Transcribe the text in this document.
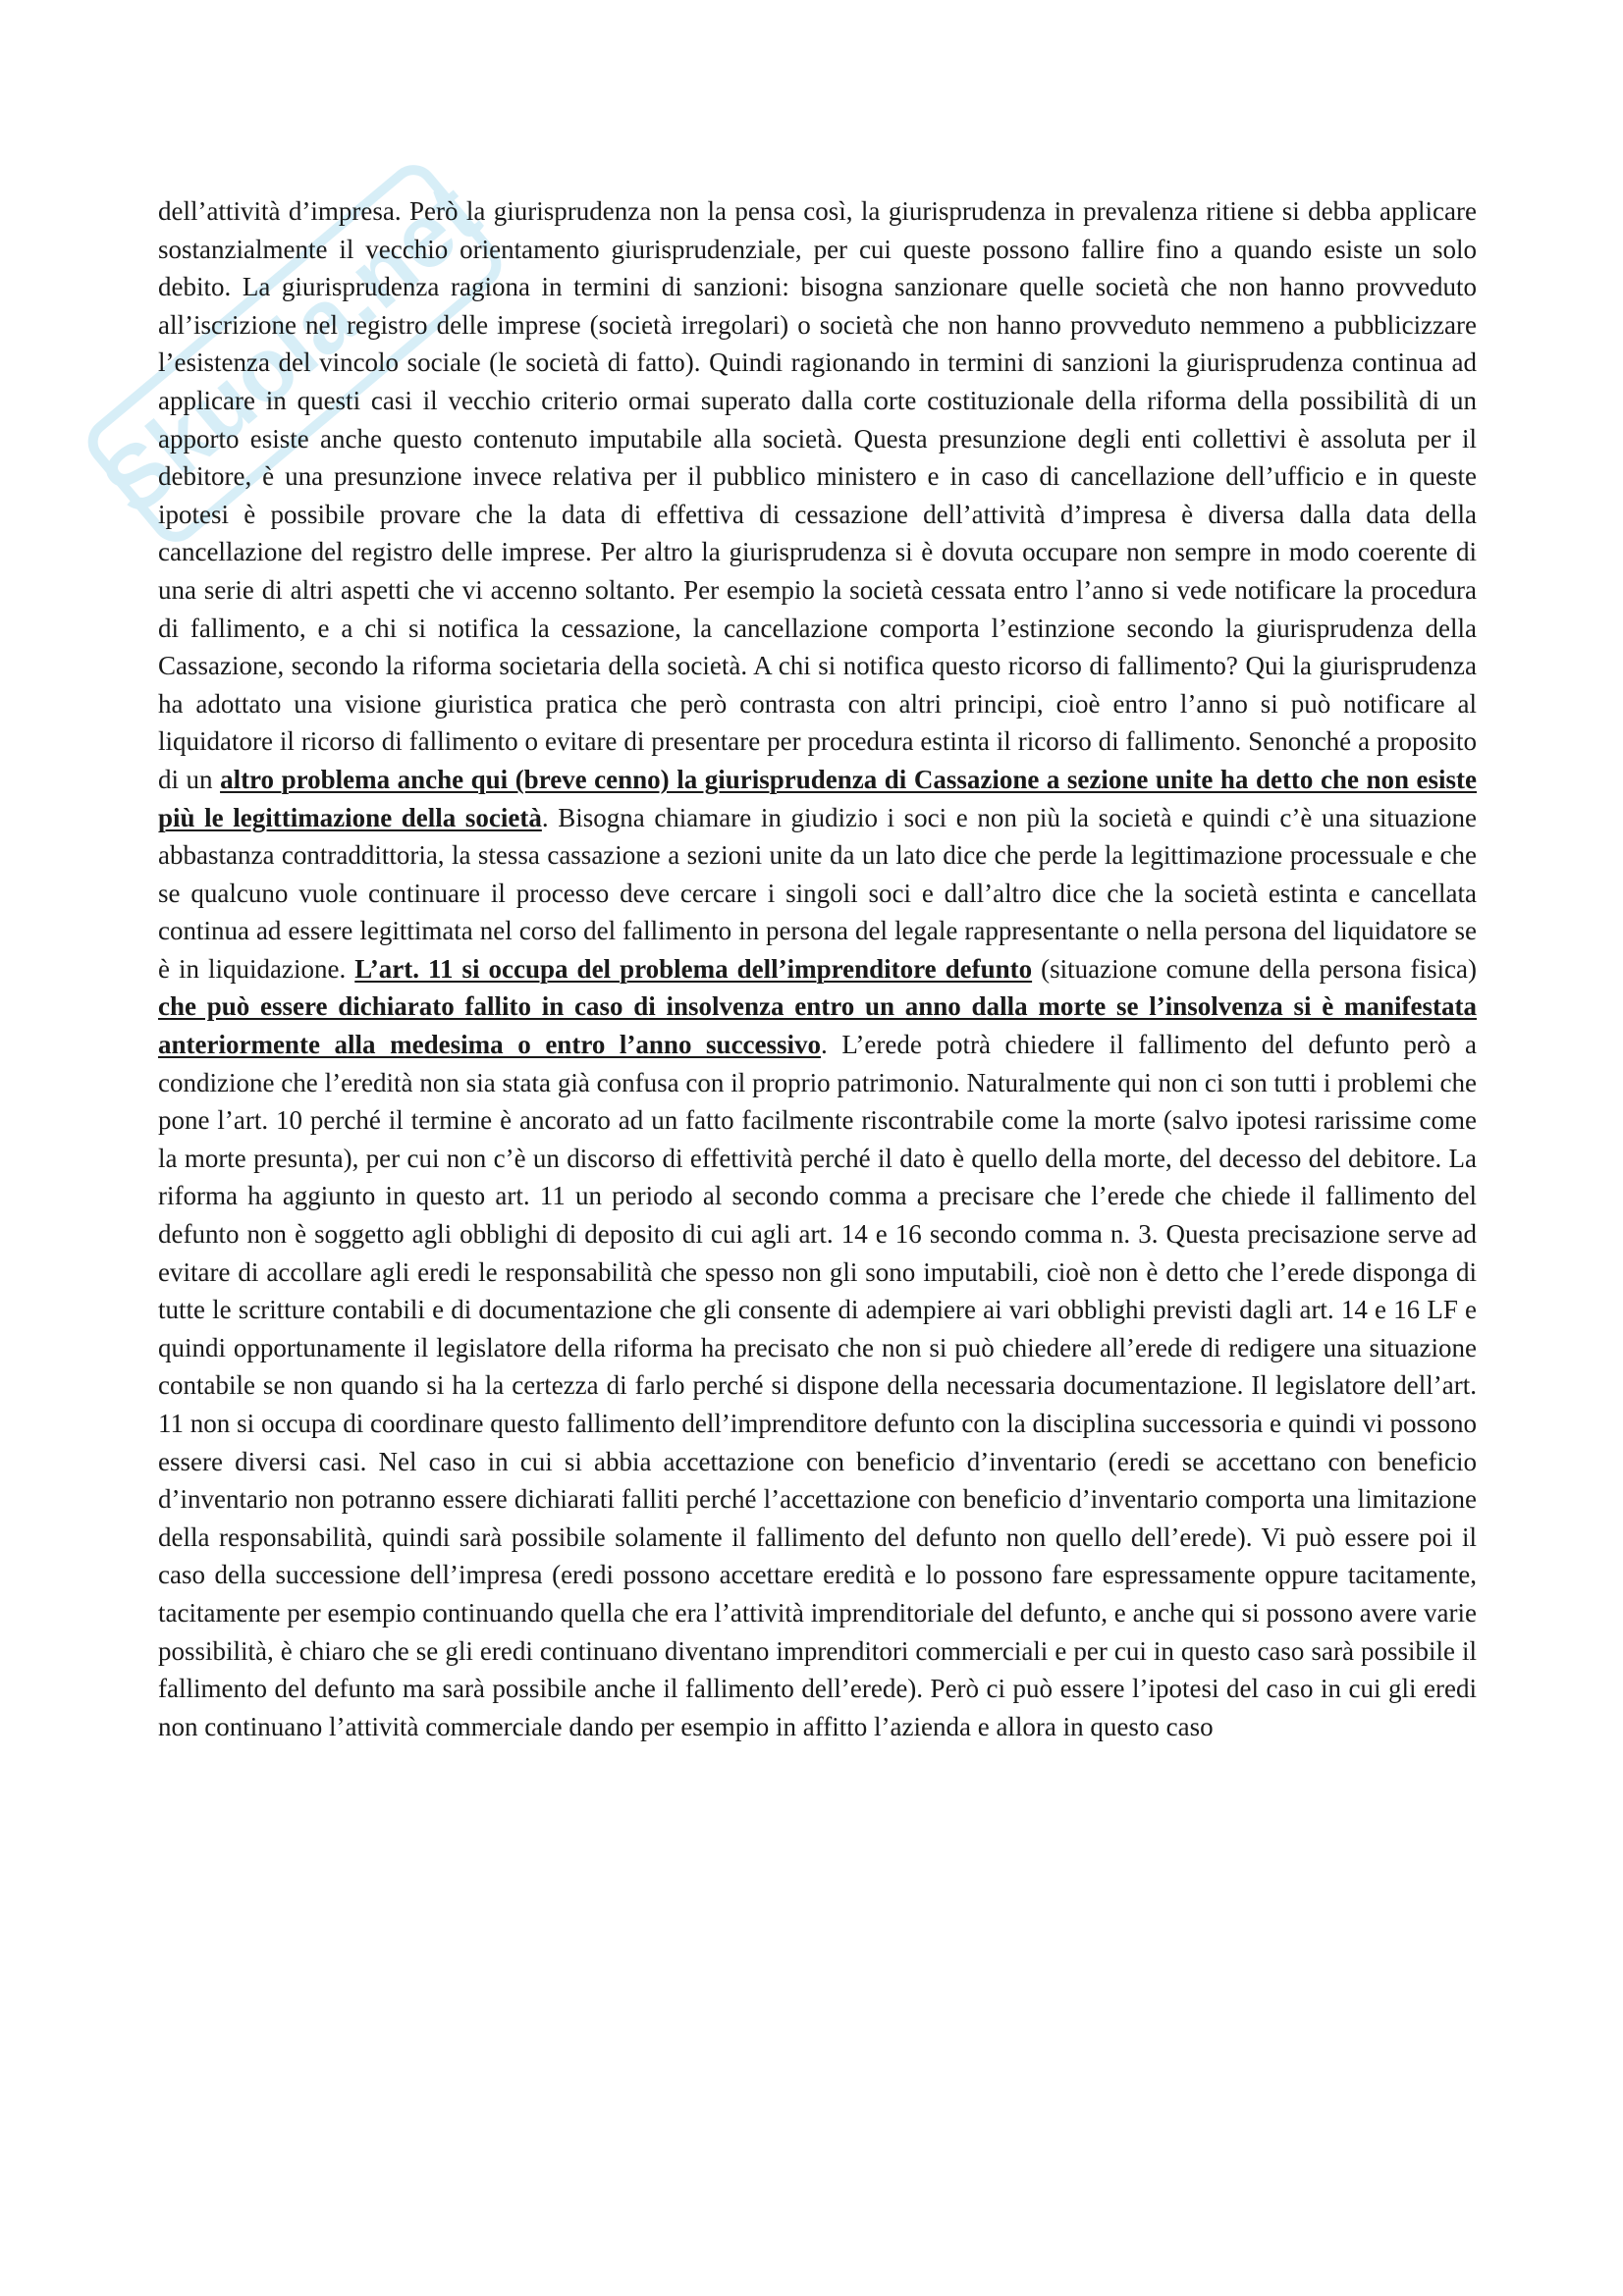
Skuola.net

dell’attività d’impresa. Però la giurisprudenza non la pensa così, la giurisprudenza in prevalenza ritiene si debba applicare sostanzialmente il vecchio orientamento giurisprudenziale, per cui queste possono fallire fino a quando esiste un solo debito. La giurisprudenza ragiona in termini di sanzioni: bisogna sanzionare quelle società che non hanno provveduto all’iscrizione nel registro delle imprese (società irregolari) o società che non hanno provveduto nemmeno a pubblicizzare l’esistenza del vincolo sociale (le società di fatto). Quindi ragionando in termini di sanzioni la giurisprudenza continua ad applicare in questi casi il vecchio criterio ormai superato dalla corte costituzionale della riforma della possibilità di un apporto esiste anche questo contenuto imputabile alla società. Questa presunzione degli enti collettivi è assoluta per il debitore, è una presunzione invece relativa per il pubblico ministero e in caso di cancellazione dell’ufficio e in queste ipotesi è possibile provare che la data di effettiva di cessazione dell’attività d’impresa è diversa dalla data della cancellazione del registro delle imprese. Per altro la giurisprudenza si è dovuta occupare non sempre in modo coerente di una serie di altri aspetti che vi accenno soltanto. Per esempio la società cessata entro l’anno si vede notificare la procedura di fallimento, e a chi si notifica la cessazione, la cancellazione comporta l’estinzione secondo la giurisprudenza della Cassazione, secondo la riforma societaria della società. A chi si notifica questo ricorso di fallimento? Qui la giurisprudenza ha adottato una visione giuristica pratica che però contrasta con altri principi, cioè entro l’anno si può notificare al liquidatore il ricorso di fallimento o evitare di presentare per procedura estinta il ricorso di fallimento. Senonché a proposito di un altro problema anche qui (breve cenno) la giurisprudenza di Cassazione a sezione unite ha detto che non esiste più le legittimazione della società. Bisogna chiamare in giudizio i soci e non più la società e quindi c’è una situazione abbastanza contraddittoria, la stessa cassazione a sezioni unite da un lato dice che perde la legittimazione processuale e che se qualcuno vuole continuare il processo deve cercare i singoli soci e dall’altro dice che la società estinta e cancellata continua ad essere legittimata nel corso del fallimento in persona del legale rappresentante o nella persona del liquidatore se è in liquidazione. L’art. 11 si occupa del problema dell’imprenditore defunto (situazione comune della persona fisica) che può essere dichiarato fallito in caso di insolvenza entro un anno dalla morte se l’insolvenza si è manifestata anteriormente alla medesima o entro l’anno successivo. L’erede potrà chiedere il fallimento del defunto però a condizione che l’eredità non sia stata già confusa con il proprio patrimonio. Naturalmente qui non ci son tutti i problemi che pone l’art. 10 perché il termine è ancorato ad un fatto facilmente riscontrabile come la morte (salvo ipotesi rarissime come la morte presunta), per cui non c’è un discorso di effettività perché il dato è quello della morte, del decesso del debitore. La riforma ha aggiunto in questo art. 11 un periodo al secondo comma a precisare che l’erede che chiede il fallimento del defunto non è soggetto agli obblighi di deposito di cui agli art. 14 e 16 secondo comma n. 3. Questa precisazione serve ad evitare di accollare agli eredi le responsabilità che spesso non gli sono imputabili, cioè non è detto che l’erede disponga di tutte le scritture contabili e di documentazione che gli consente di adempiere ai vari obblighi previsti dagli art. 14 e 16 LF e quindi opportunamente il legislatore della riforma ha precisato che non si può chiedere all’erede di redigere una situazione contabile se non quando si ha la certezza di farlo perché si dispone della necessaria documentazione. Il legislatore dell’art. 11 non si occupa di coordinare questo fallimento dell’imprenditore defunto con la disciplina successoria e quindi vi possono essere diversi casi. Nel caso in cui si abbia accettazione con beneficio d’inventario (eredi se accettano con beneficio d’inventario non potranno essere dichiarati falliti perché l’accettazione con beneficio d’inventario comporta una limitazione della responsabilità, quindi sarà possibile solamente il fallimento del defunto non quello dell’erede). Vi può essere poi il caso della successione dell’impresa (eredi possono accettare eredità e lo possono fare espressamente oppure tacitamente, tacitamente per esempio continuando quella che era l’attività imprenditoriale del defunto, e anche qui si possono avere varie possibilità, è chiaro che se gli eredi continuano diventano imprenditori commerciali e per cui in questo caso sarà possibile il fallimento del defunto ma sarà possibile anche il fallimento dell’erede). Però ci può essere l’ipotesi del caso in cui gli eredi non continuano l’attività commerciale dando per esempio in affitto l’azienda e allora in questo caso
